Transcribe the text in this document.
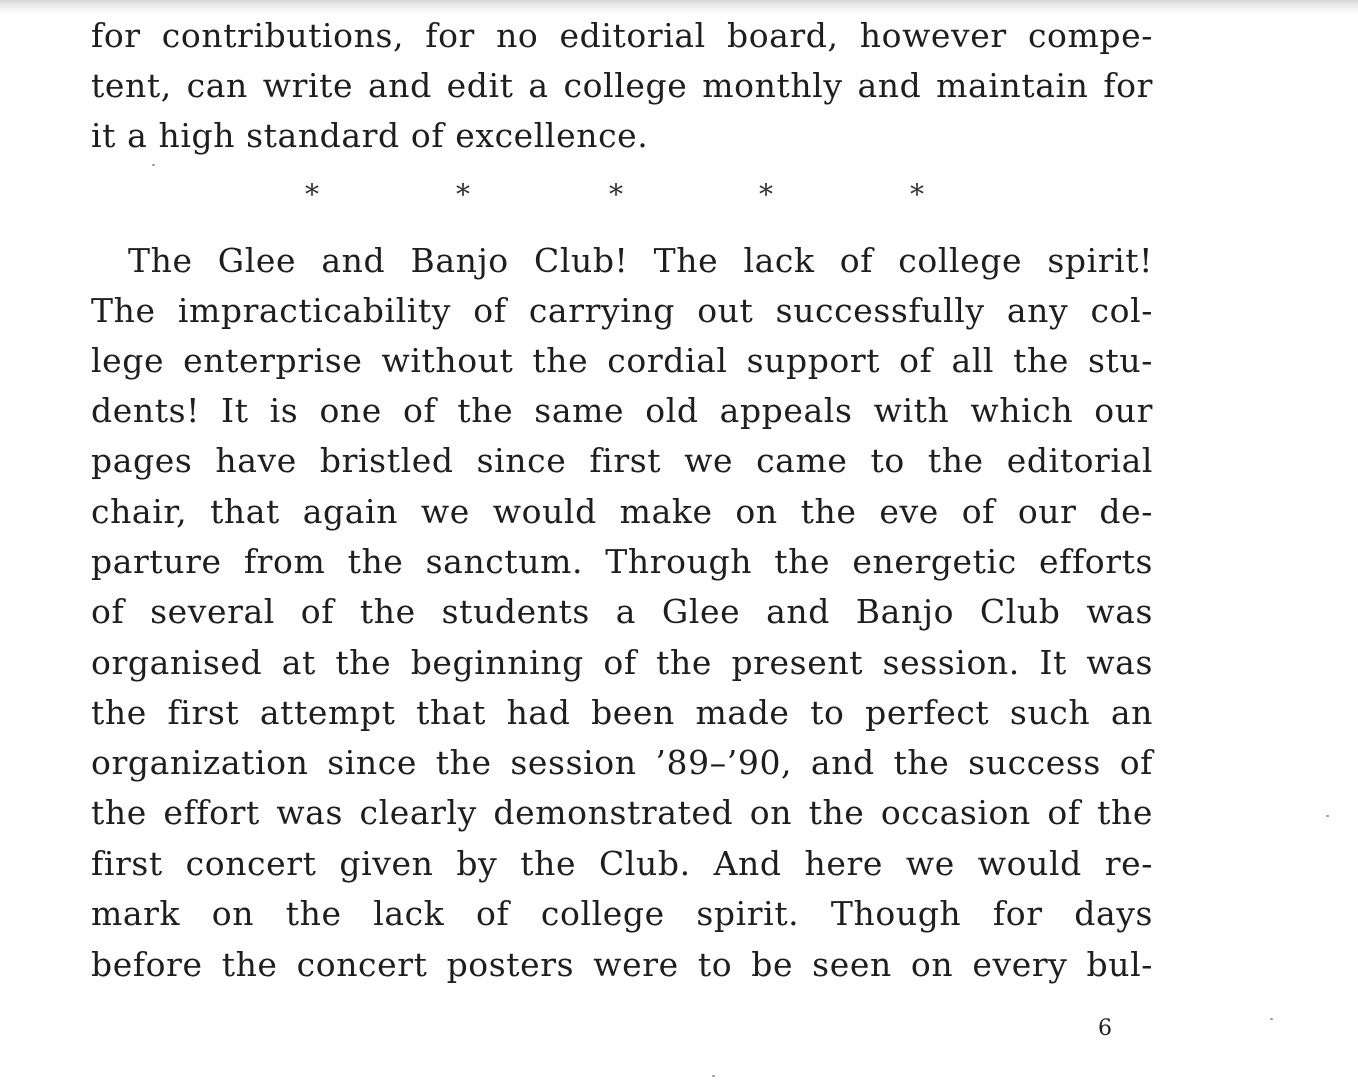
for contributions, for no editorial board, however compe-
tent, can write and edit a college monthly and maintain for
it a high standard of excellence.
*	*	*	*	*
The Glee and Banjo Club! The lack of college spirit!
The impracticability of carrying out successfully any col-
lege enterprise without the cordial support of all the stu-
dents! It is one of the same old appeals with which our
pages have bristled since first we came to the editorial
chair, that again we would make on the eve of our de-
parture from the sanctum. Through the energetic efforts
of several of the students a Glee and Banjo Club was
organised at the beginning of the present session. It was
the first attempt that had been made to perfect such an
organization since the session ’89–’90, and the success of
the effort was clearly demonstrated on the occasion of the
first concert given by the Club. And here we would re-
mark on the lack of college spirit. Though for days
before the concert posters were to be seen on every bul-
6
